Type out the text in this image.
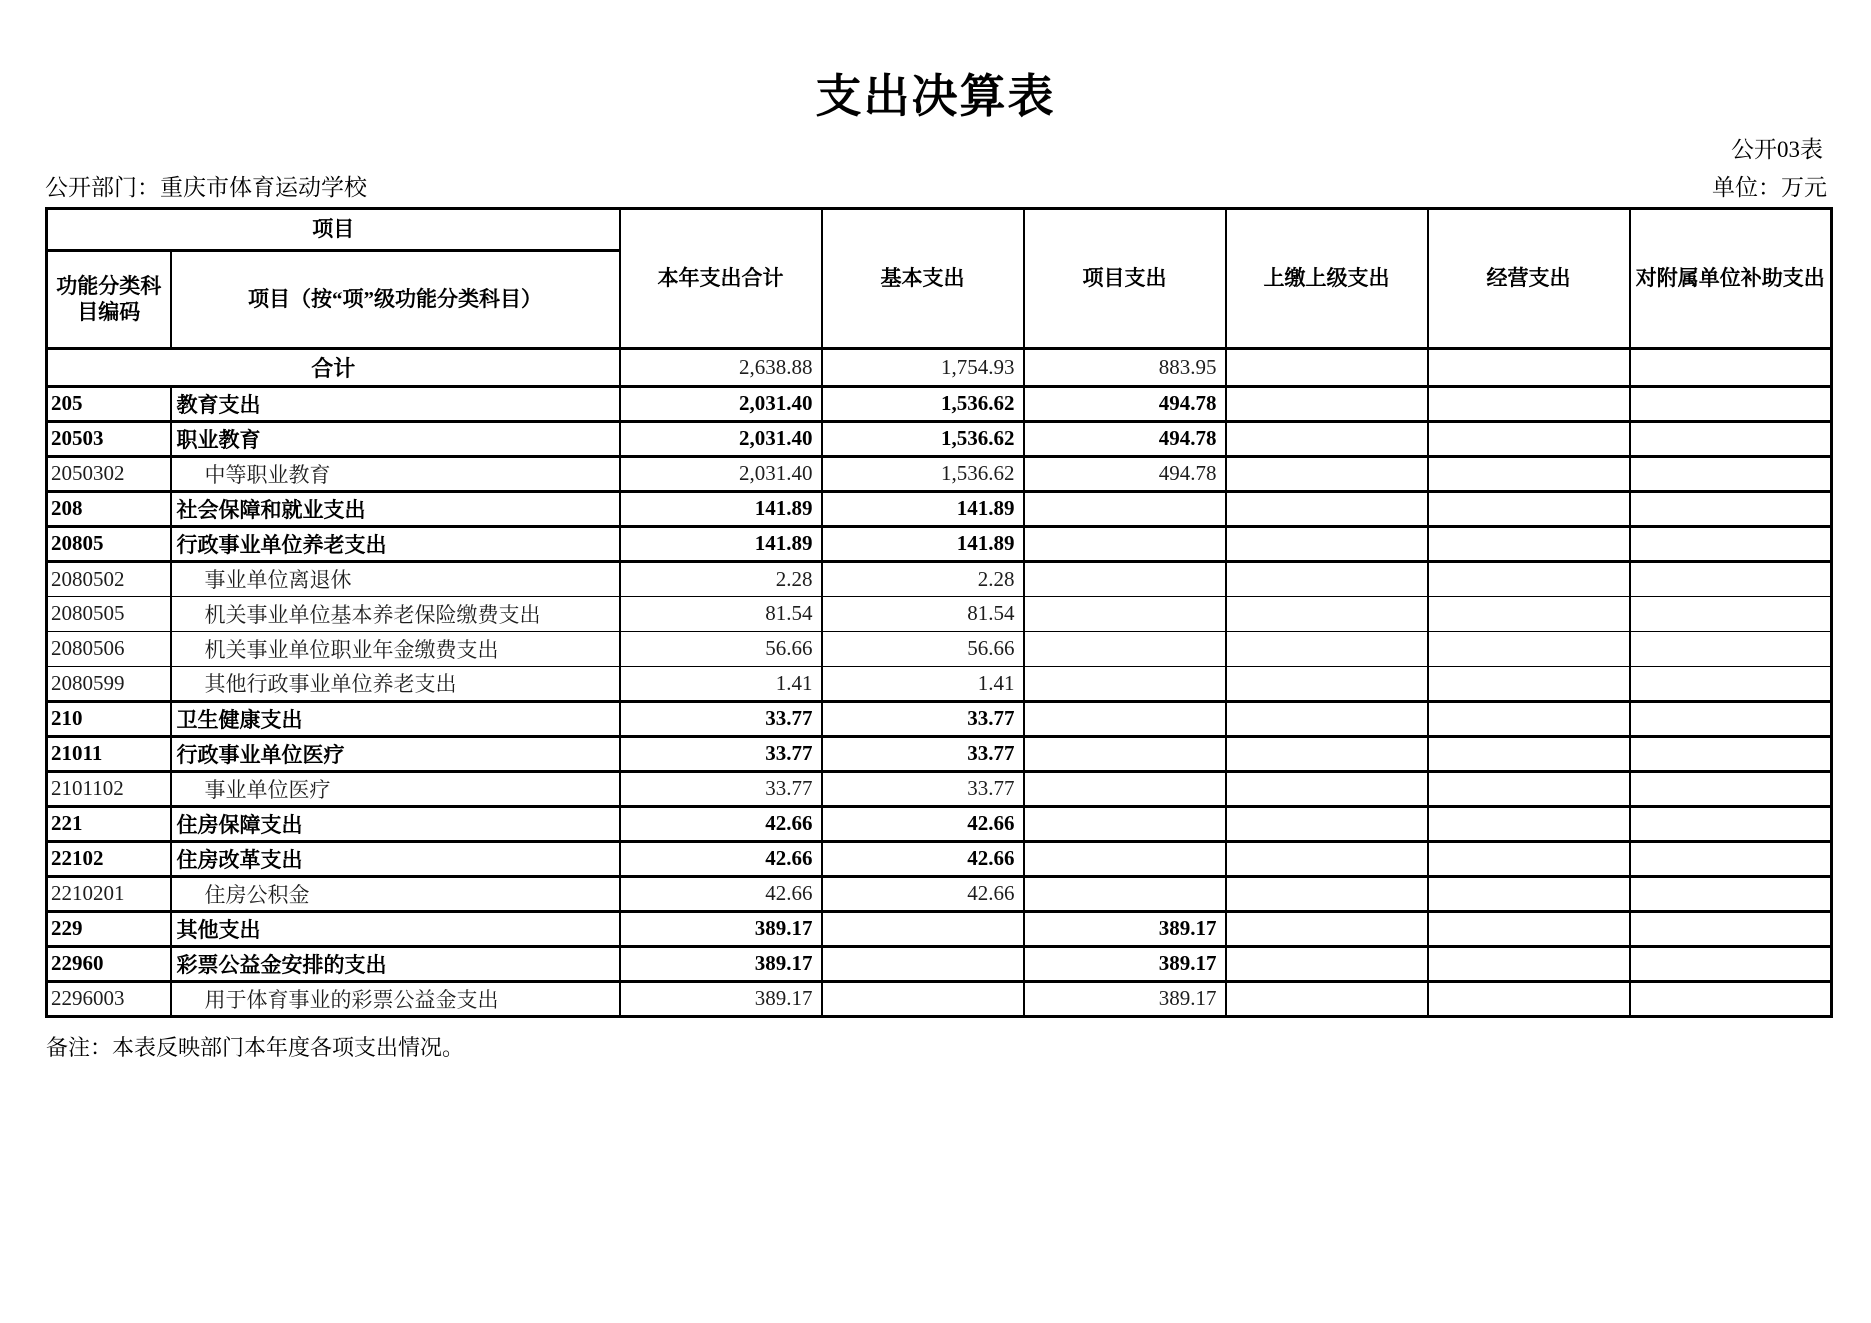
支出决算表
公开03表
公开部门：重庆市体育运动学校	单位：万元
项目		本年支出合计	基本支出	项目支出	上缴上级支出	经营支出	对附属单位补助支出
功能分类科目编码	项目（按“项”级功能分类科目）						
合计		2,638.88	1,754.93	883.95			
205	教育支出	2,031.40	1,536.62	494.78			
20503	职业教育	2,031.40	1,536.62	494.78			
2050302	中等职业教育	2,031.40	1,536.62	494.78			
208	社会保障和就业支出	141.89	141.89				
20805	行政事业单位养老支出	141.89	141.89				
2080502	事业单位离退休	2.28	2.28				
2080505	机关事业单位基本养老保险缴费支出	81.54	81.54				
2080506	机关事业单位职业年金缴费支出	56.66	56.66				
2080599	其他行政事业单位养老支出	1.41	1.41				
210	卫生健康支出	33.77	33.77				
21011	行政事业单位医疗	33.77	33.77				
2101102	事业单位医疗	33.77	33.77				
221	住房保障支出	42.66	42.66				
22102	住房改革支出	42.66	42.66				
2210201	住房公积金	42.66	42.66				
229	其他支出	389.17		389.17			
22960	彩票公益金安排的支出	389.17		389.17			
2296003	用于体育事业的彩票公益金支出	389.17		389.17			
备注：本表反映部门本年度各项支出情况。
